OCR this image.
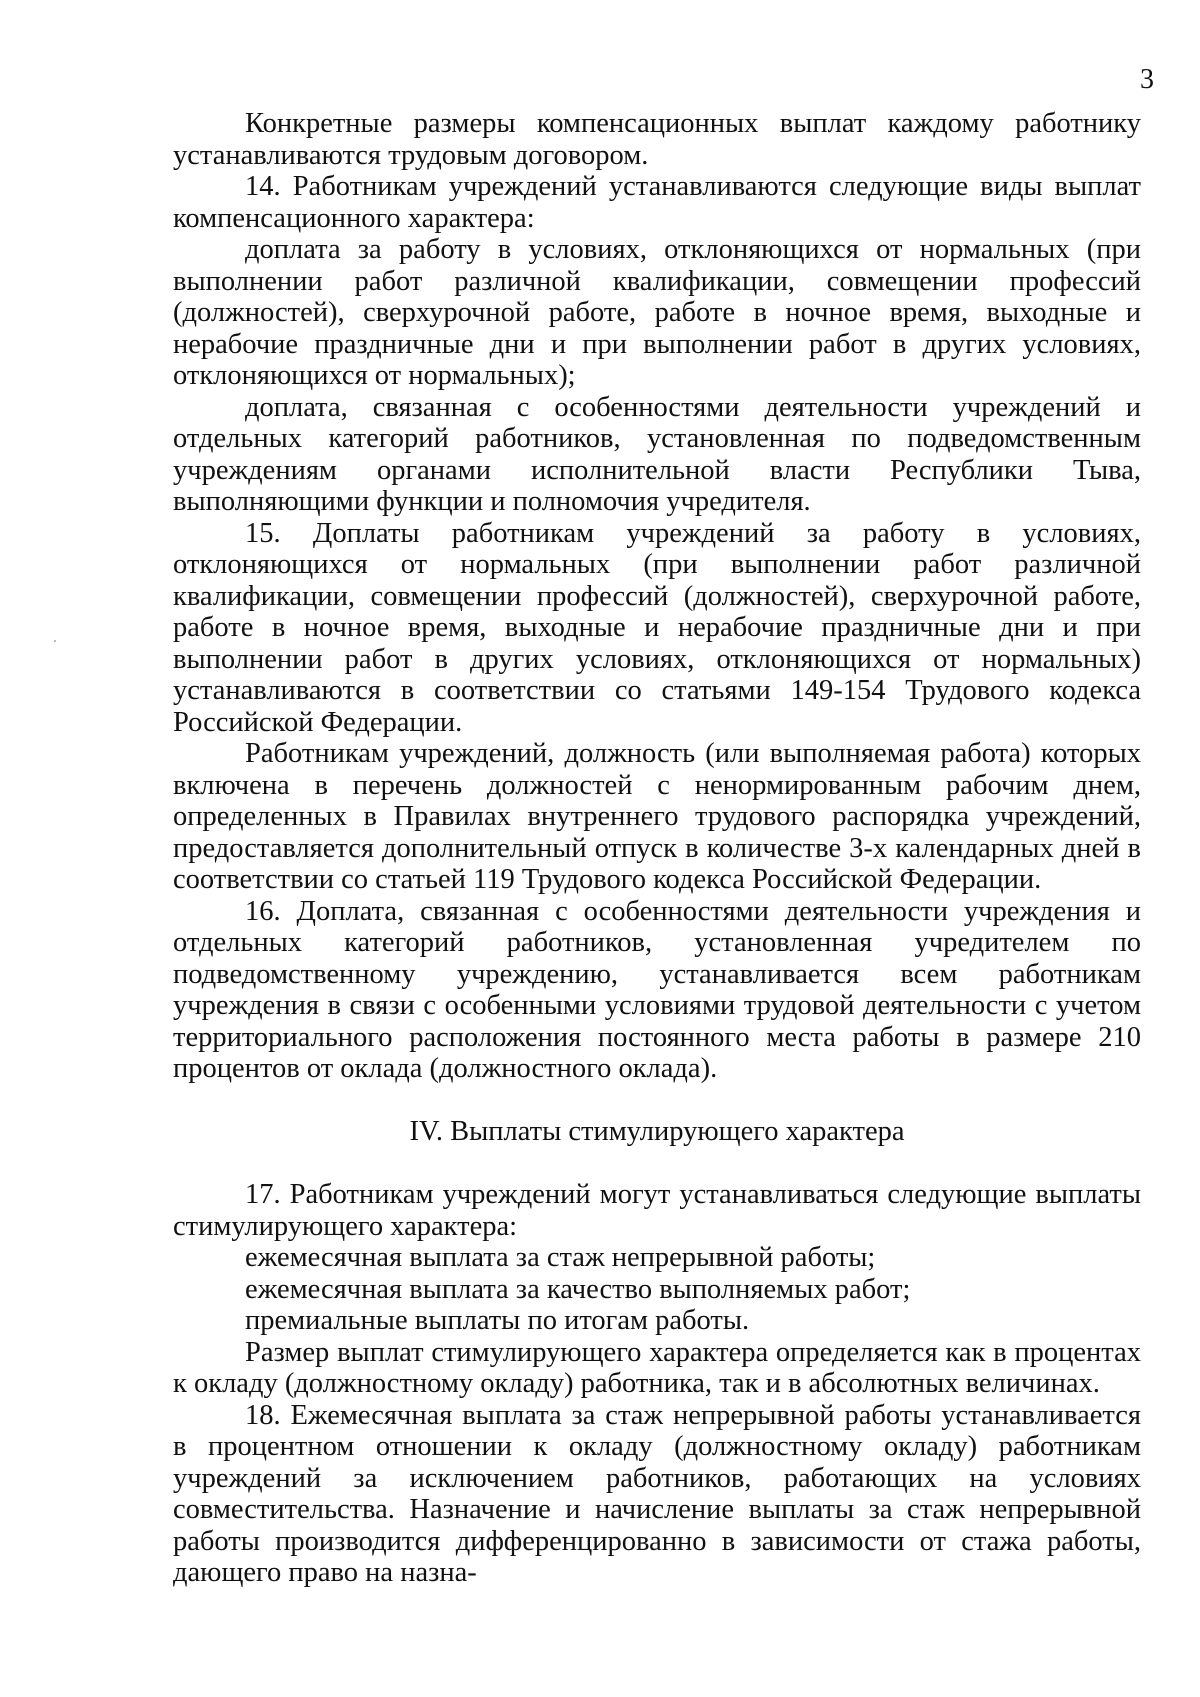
3

Конкретные размеры компенсационных выплат каждому работнику устанавливаются трудовым договором.

14. Работникам учреждений устанавливаются следующие виды выплат компенсационного характера:

доплата за работу в условиях, отклоняющихся от нормальных (при выполнении работ различной квалификации, совмещении профессий (должностей), сверхурочной работе, работе в ночное время, выходные и нерабочие праздничные дни и при выполнении работ в других условиях, отклоняющихся от нормальных);

доплата, связанная с особенностями деятельности учреждений и отдельных категорий работников, установленная по подведомственным учреждениям органами исполнительной власти Республики Тыва, выполняющими функции и полномочия учредителя.

15. Доплаты работникам учреждений за работу в условиях, отклоняющихся от нормальных (при выполнении работ различной квалификации, совмещении профессий (должностей), сверхурочной работе, работе в ночное время, выходные и нерабочие праздничные дни и при выполнении работ в других условиях, отклоняющихся от нормальных) устанавливаются в соответствии со статьями 149-154 Трудового кодекса Российской Федерации.

Работникам учреждений, должность (или выполняемая работа) которых включена в перечень должностей с ненормированным рабочим днем, определенных в Правилах внутреннего трудового распорядка учреждений, предоставляется дополнительный отпуск в количестве 3-х календарных дней в соответствии со статьей 119 Трудового кодекса Российской Федерации.

16. Доплата, связанная с особенностями деятельности учреждения и отдельных категорий работников, установленная учредителем по подведомственному учреждению, устанавливается всем работникам учреждения в связи с особенными условиями трудовой деятельности с учетом территориального расположения постоянного места работы в размере 210 процентов от оклада (должностного оклада).

IV. Выплаты стимулирующего характера

17. Работникам учреждений могут устанавливаться следующие выплаты стимулирующего характера:

ежемесячная выплата за стаж непрерывной работы;

ежемесячная выплата за качество выполняемых работ;

премиальные выплаты по итогам работы.

Размер выплат стимулирующего характера определяется как в процентах к окладу (должностному окладу) работника, так и в абсолютных величинах.

18. Ежемесячная выплата за стаж непрерывной работы устанавливается в процентном отношении к окладу (должностному окладу) работникам учреждений за исключением работников, работающих на условиях совместительства. Назначение и начисление выплаты за стаж непрерывной работы производится дифференцированно в зависимости от стажа работы, дающего право на назна-
